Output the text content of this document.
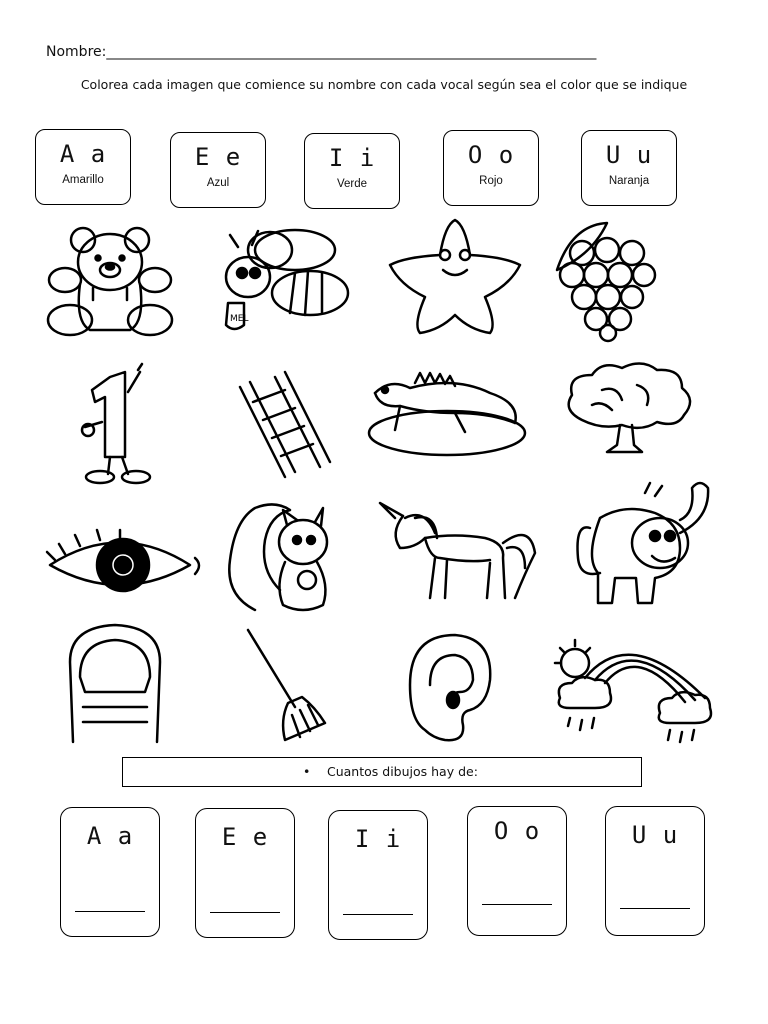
Nombre:______________________________________________________________________
Colorea cada imagen que comience su nombre con cada vocal según sea el color que se indique
A a
Amarillo
E e
Azul
I i
Verde
O o
Rojo
U u
Naranja
MEL
• Cuantos dibujos hay de:
A a	E e	I i	O o	U u
